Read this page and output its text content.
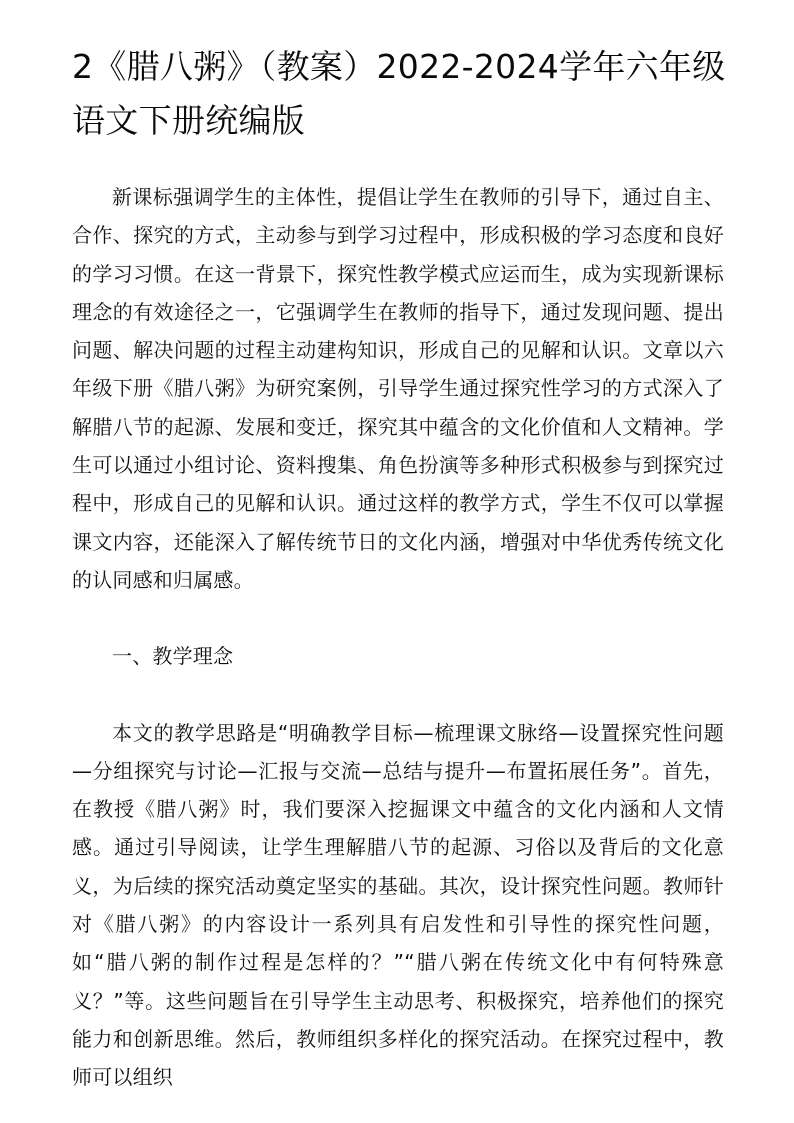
2《腊八粥》（教案）2022-2024学年六年级语文下册统编版

新课标强调学生的主体性，提倡让学生在教师的引导下，通过自主、合作、探究的方式，主动参与到学习过程中，形成积极的学习态度和良好的学习习惯。在这一背景下，探究性教学模式应运而生，成为实现新课标理念的有效途径之一，它强调学生在教师的指导下，通过发现问题、提出问题、解决问题的过程主动建构知识，形成自己的见解和认识。文章以六年级下册《腊八粥》为研究案例，引导学生通过探究性学习的方式深入了解腊八节的起源、发展和变迁，探究其中蕴含的文化价值和人文精神。学生可以通过小组讨论、资料搜集、角色扮演等多种形式积极参与到探究过程中，形成自己的见解和认识。通过这样的教学方式，学生不仅可以掌握课文内容，还能深入了解传统节日的文化内涵，增强对中华优秀传统文化的认同感和归属感。

一、教学理念

本文的教学思路是“明确教学目标—梳理课文脉络—设置探究性问题—分组探究与讨论—汇报与交流—总结与提升—布置拓展任务”。首先，在教授《腊八粥》时，我们要深入挖掘课文中蕴含的文化内涵和人文情感。通过引导阅读，让学生理解腊八节的起源、习俗以及背后的文化意义，为后续的探究活动奠定坚实的基础。其次，设计探究性问题。教师针对《腊八粥》的内容设计一系列具有启发性和引导性的探究性问题，如“腊八粥的制作过程是怎样的？”“腊八粥在传统文化中有何特殊意义？”等。这些问题旨在引导学生主动思考、积极探究，培养他们的探究能力和创新思维。然后，教师组织多样化的探究活动。在探究过程中，教师可以组织
